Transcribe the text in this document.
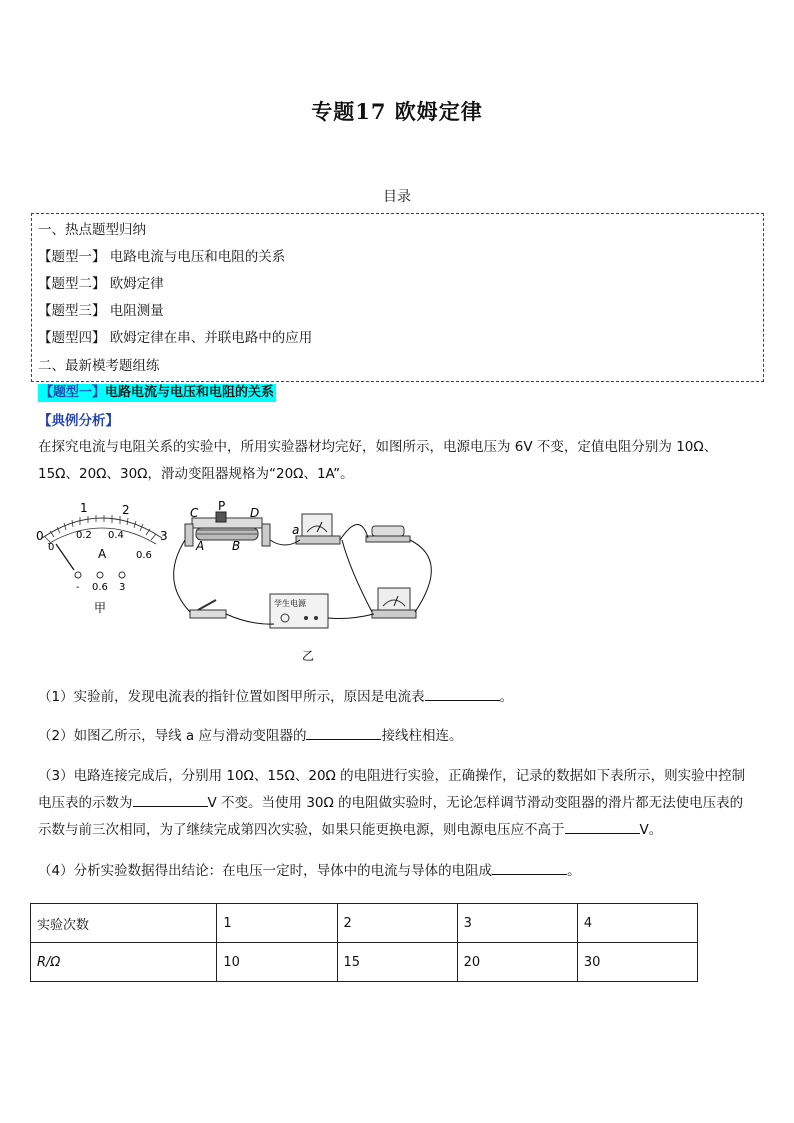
专题17 欧姆定律
目录
一、热点题型归纳
【题型一】 电路电流与电压和电阻的关系
【题型二】 欧姆定律
【题型三】 电阻测量
【题型四】 欧姆定律在串、并联电路中的应用
二、最新模考题组练
【题型一】电路电流与电压和电阻的关系
【典例分析】
在探究电流与电阻关系的实验中，所用实验器材均完好，如图所示，电源电压为 6V 不变，定值电阻分别为 10Ω、
15Ω、20Ω、30Ω，滑动变阻器规格为“20Ω、1A”。
0
1	2
3
0
0.2 0.4
0.6
A
- 0.6 3
甲
C P D
A B
学生电源
a
乙
（1）实验前，发现电流表的指针位置如图甲所示，原因是电流表	。
（2）如图乙所示，导线 a 应与滑动变阻器的	接线柱相连。
（3）电路连接完成后，分别用 10Ω、15Ω、20Ω 的电阻进行实验，正确操作，记录的数据如下表所示，则实验中控制
电压表的示数为	V 不变。当使用 30Ω 的电阻做实验时，无论怎样调节滑动变阻器的滑片都无法使电压表的
示数与前三次相同，为了继续完成第四次实验，如果只能更换电源，则电源电压应不高于	V。
（4）分析实验数据得出结论：在电压一定时，导体中的电流与导体的电阻成	。
实验次数	1	2	3	4
R/Ω	10	15	20	30
